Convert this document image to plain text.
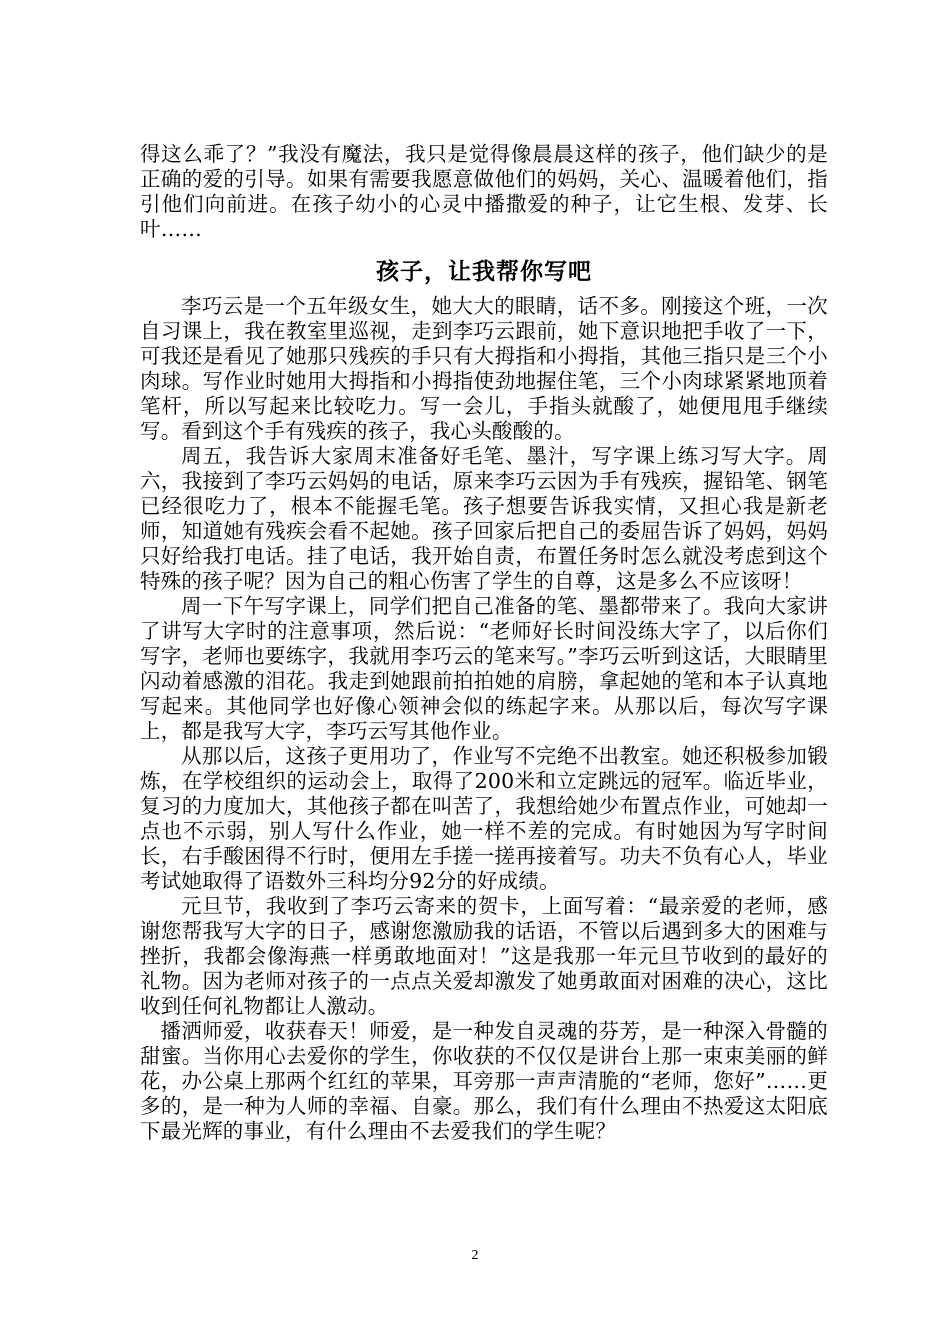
得这么乖了？”我没有魔法，我只是觉得像晨晨这样的孩子，他们缺少的是正确的爱的引导。如果有需要我愿意做他们的妈妈，关心、温暖着他们，指引他们向前进。在孩子幼小的心灵中播撒爱的种子，让它生根、发芽、长叶……

孩子，让我帮你写吧

李巧云是一个五年级女生，她大大的眼睛，话不多。刚接这个班，一次自习课上，我在教室里巡视，走到李巧云跟前，她下意识地把手收了一下，可我还是看见了她那只残疾的手只有大拇指和小拇指，其他三指只是三个小肉球。写作业时她用大拇指和小拇指使劲地握住笔，三个小肉球紧紧地顶着笔杆，所以写起来比较吃力。写一会儿，手指头就酸了，她便甩甩手继续写。看到这个手有残疾的孩子，我心头酸酸的。

周五，我告诉大家周末准备好毛笔、墨汁，写字课上练习写大字。周六，我接到了李巧云妈妈的电话，原来李巧云因为手有残疾，握铅笔、钢笔已经很吃力了，根本不能握毛笔。孩子想要告诉我实情，又担心我是新老师，知道她有残疾会看不起她。孩子回家后把自己的委屈告诉了妈妈，妈妈只好给我打电话。挂了电话，我开始自责，布置任务时怎么就没考虑到这个特殊的孩子呢？因为自己的粗心伤害了学生的自尊，这是多么不应该呀！

周一下午写字课上，同学们把自己准备的笔、墨都带来了。我向大家讲了讲写大字时的注意事项，然后说：“老师好长时间没练大字了，以后你们写字，老师也要练字，我就用李巧云的笔来写。”李巧云听到这话，大眼睛里闪动着感激的泪花。我走到她跟前拍拍她的肩膀，拿起她的笔和本子认真地写起来。其他同学也好像心领神会似的练起字来。从那以后，每次写字课上，都是我写大字，李巧云写其他作业。

从那以后，这孩子更用功了，作业写不完绝不出教室。她还积极参加锻炼，在学校组织的运动会上，取得了200米和立定跳远的冠军。临近毕业，复习的力度加大，其他孩子都在叫苦了，我想给她少布置点作业，可她却一点也不示弱，别人写什么作业，她一样不差的完成。有时她因为写字时间长，右手酸困得不行时，便用左手搓一搓再接着写。功夫不负有心人，毕业考试她取得了语数外三科均分92分的好成绩。

元旦节，我收到了李巧云寄来的贺卡，上面写着：“最亲爱的老师，感谢您帮我写大字的日子，感谢您激励我的话语，不管以后遇到多大的困难与挫折，我都会像海燕一样勇敢地面对！”这是我那一年元旦节收到的最好的礼物。因为老师对孩子的一点点关爱却激发了她勇敢面对困难的决心，这比收到任何礼物都让人激动。

播洒师爱，收获春天！师爱，是一种发自灵魂的芬芳，是一种深入骨髓的甜蜜。当你用心去爱你的学生，你收获的不仅仅是讲台上那一束束美丽的鲜花，办公桌上那两个红红的苹果，耳旁那一声声清脆的“老师，您好”……更多的，是一种为人师的幸福、自豪。那么，我们有什么理由不热爱这太阳底下最光辉的事业，有什么理由不去爱我们的学生呢？

2
